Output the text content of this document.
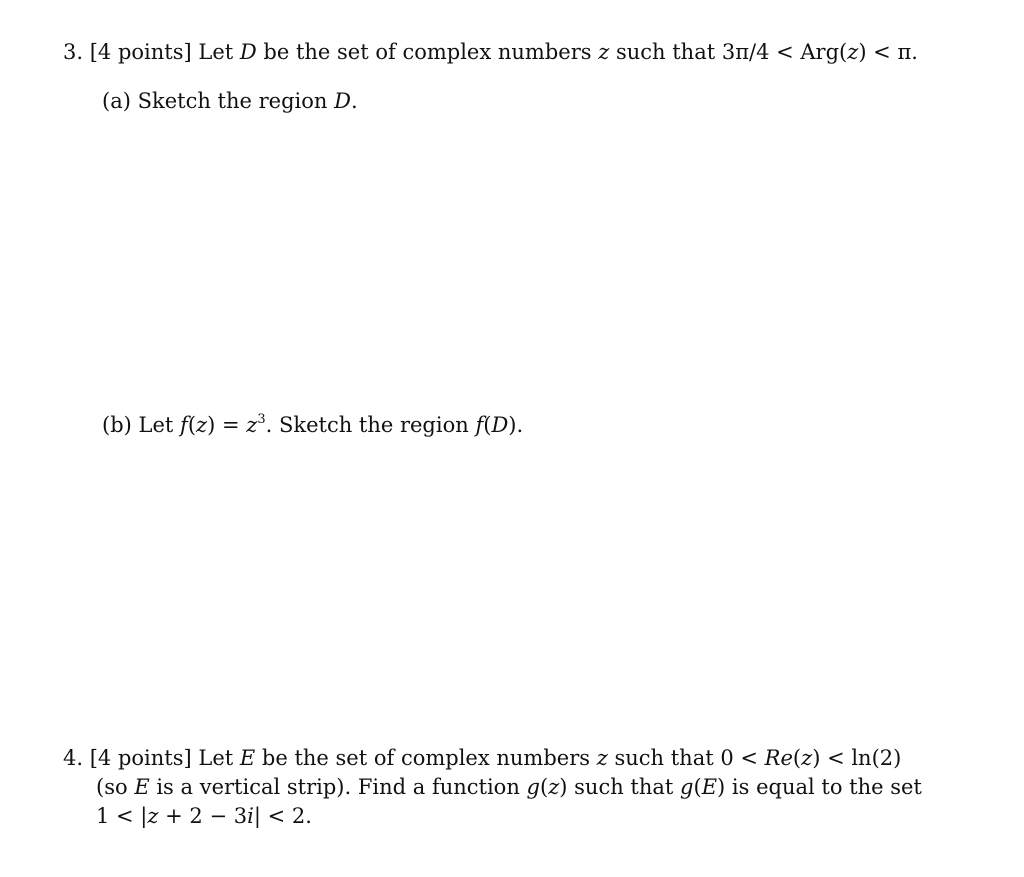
3. [4 points] Let D be the set of complex numbers z such that 3π/4 < Arg(z) < π.
(a) Sketch the region D.
(b) Let $f(z) = z^3$. Sketch the region f(D).
4. [4 points] Let E be the set of complex numbers z such that 0 < Re(z) < ln(2)
(so E is a vertical strip). Find a function g(z) such that g(E) is equal to the set
1 < |z + 2 − 3i| < 2.
